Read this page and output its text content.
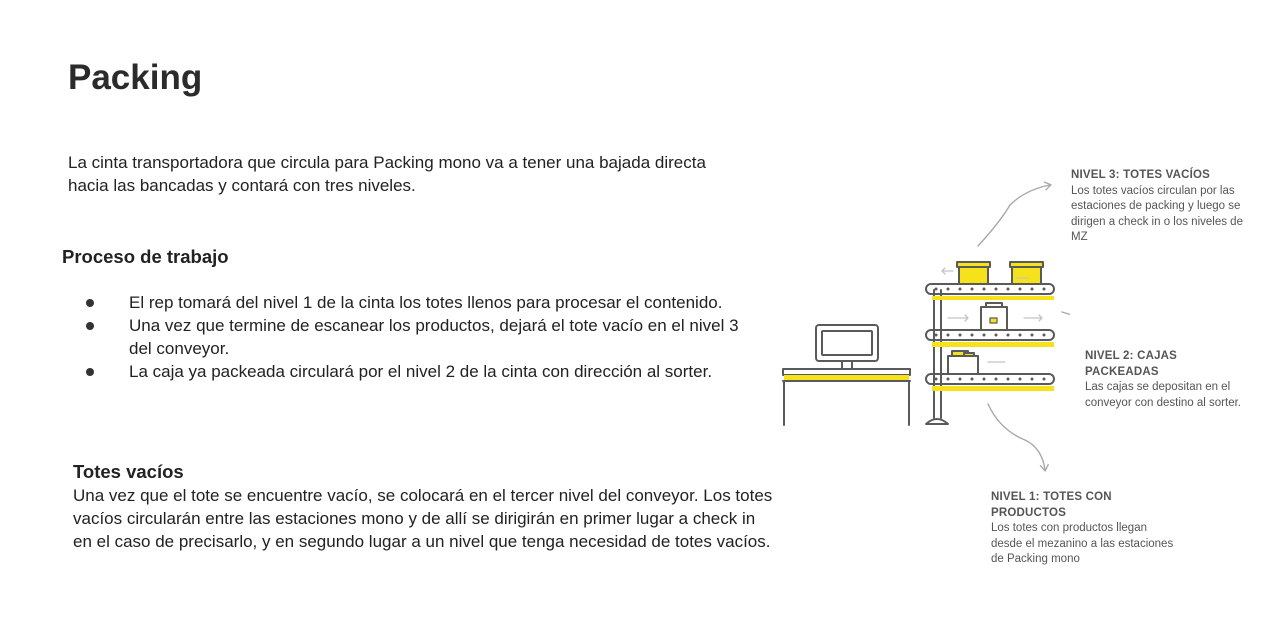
Packing

La cinta transportadora que circula para Packing mono va a tener una bajada directa hacia las bancadas y contará con tres niveles.

Proceso de trabajo
El rep tomará del nivel 1 de la cinta los totes llenos para procesar el contenido.
Una vez que termine de escanear los productos, dejará el tote vacío en el nivel 3 del conveyor.
La caja ya packeada circulará por el nivel 2 de la cinta con dirección al sorter.
Totes vacíos

Una vez que el tote se encuentre vacío, se colocará en el tercer nivel del conveyor. Los totes vacíos circularán entre las estaciones mono y de allí se dirigirán en primer lugar a check in en el caso de precisarlo, y en segundo lugar a un nivel que tenga necesidad de totes vacíos.

NIVEL 3: TOTES VACÍOS
Los totes vacíos circulan por las estaciones de packing y luego se dirigen a check in o los niveles de MZ
NIVEL 2: CAJAS PACKEADAS
Las cajas se depositan en el conveyor con destino al sorter.
NIVEL 1: TOTES CON PRODUCTOS
Los totes con productos llegan desde el mezanino a las estaciones de Packing mono
